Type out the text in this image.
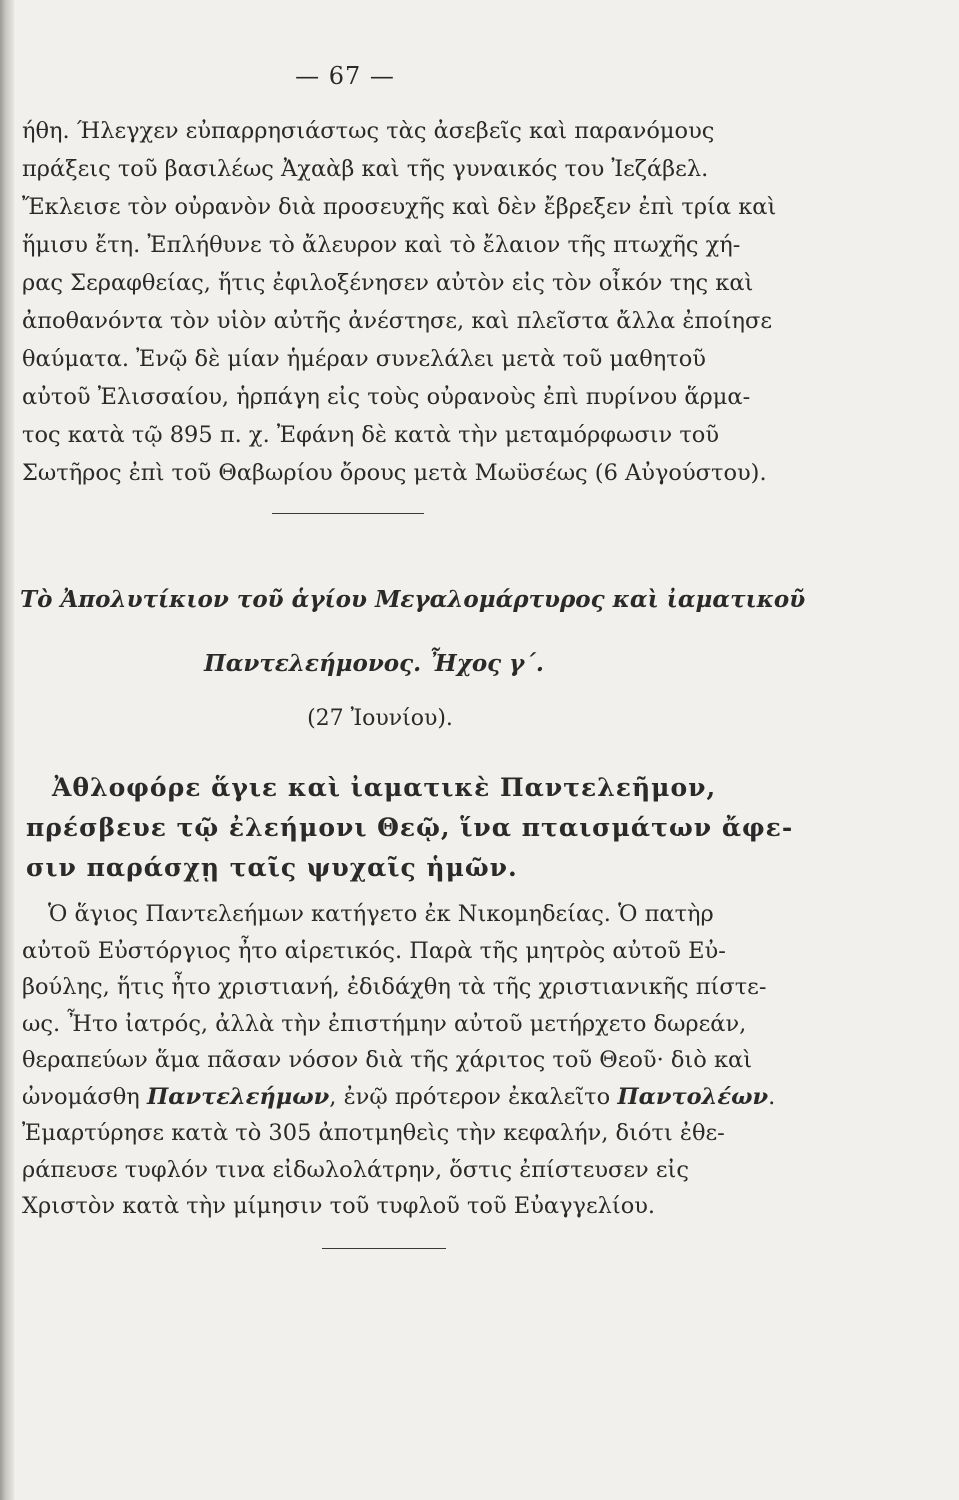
— 67 —
ήθη. Ήλεγχεν εὐπαρρησιάστως τὰς ἀσεβεῖς καὶ παρανόμους
πράξεις τοῦ βασιλέως Ἀχαὰβ καὶ τῆς γυναικός του Ἰεζάβελ.
Ἔκλεισε τὸν οὐρανὸν διὰ προσευχῆς καὶ δὲν ἔβρεξεν ἐπὶ τρία καὶ
ἥμισυ ἔτη. Ἐπλήθυνε τὸ ἄλευρον καὶ τὸ ἔλαιον τῆς πτωχῆς χή-
ρας Σεραφθείας, ἥτις ἐφιλοξένησεν αὐτὸν εἰς τὸν οἶκόν της καὶ
ἀποθανόντα τὸν υἱὸν αὐτῆς ἀνέστησε, καὶ πλεῖστα ἄλλα ἐποίησε
θαύματα. Ἐνῷ δὲ μίαν ἡμέραν συνελάλει μετὰ τοῦ μαθητοῦ
αὐτοῦ Ἐλισσαίου, ἡρπάγη εἰς τοὺς οὐρανοὺς ἐπὶ πυρίνου ἅρμα-
τος κατὰ τῷ 895 π. χ. Ἐφάνη δὲ κατὰ τὴν μεταμόρφωσιν τοῦ
Σωτῆρος ἐπὶ τοῦ Θαβωρίου ὄρους μετὰ Μωϋσέως (6 Αὐγούστου).
Τὸ Ἀπολυτίκιον τοῦ ἁγίου Μεγαλομάρτυρος καὶ ἰαματικοῦ
Παντελεήμονος. Ἦχος γ΄.
(27 Ἰουνίου).
Ἀθλοφόρε ἅγιε καὶ ἰαματικὲ Παντελεῆμον,
πρέσβευε τῷ ἐλεήμονι Θεῷ, ἵνα πταισμάτων ἄφε-
σιν παράσχῃ ταῖς ψυχαῖς ἡμῶν.
Ὁ ἅγιος Παντελεήμων κατήγετο ἐκ Νικομηδείας. Ὁ πατὴρ
αὐτοῦ Εὐστόργιος ἦτο αἱρετικός. Παρὰ τῆς μητρὸς αὐτοῦ Εὐ-
βούλης, ἥτις ἦτο χριστιανή, ἐδιδάχθη τὰ τῆς χριστιανικῆς πίστε-
ως. Ἦτο ἰατρός, ἀλλὰ τὴν ἐπιστήμην αὐτοῦ μετήρχετο δωρεάν,
θεραπεύων ἅμα πᾶσαν νόσον διὰ τῆς χάριτος τοῦ Θεοῦ· διὸ καὶ
ὠνομάσθη Παντελεήμων, ἐνῷ πρότερον ἐκαλεῖτο Παντολέων.
Ἐμαρτύρησε κατὰ τὸ 305 ἀποτμηθεὶς τὴν κεφαλήν, διότι ἐθε-
ράπευσε τυφλόν τινα εἰδωλολάτρην, ὅστις ἐπίστευσεν εἰς
Χριστὸν κατὰ τὴν μίμησιν τοῦ τυφλοῦ τοῦ Εὐαγγελίου.
